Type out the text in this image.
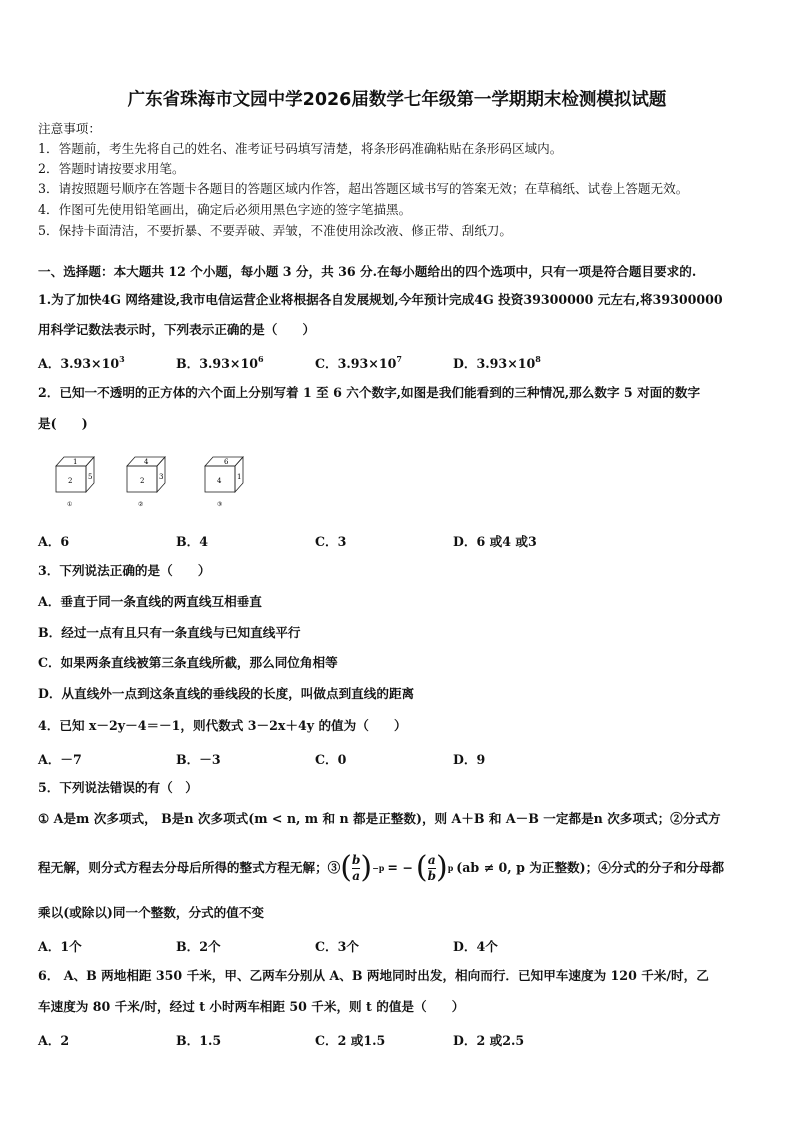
广东省珠海市文园中学2026届数学七年级第一学期期末检测模拟试题
注意事项：
1．答题前，考生先将自己的姓名、准考证号码填写清楚，将条形码准确粘贴在条形码区域内。
2．答题时请按要求用笔。
3．请按照题号顺序在答题卡各题目的答题区域内作答，超出答题区域书写的答案无效；在草稿纸、试卷上答题无效。
4．作图可先使用铅笔画出，确定后必须用黑色字迹的签字笔描黑。
5．保持卡面清洁，不要折暴、不要弄破、弄皱，不准使用涂改液、修正带、刮纸刀。
一、选择题：本大题共 12 个小题，每小题 3 分，共 36 分.在每小题给出的四个选项中，只有一项是符合题目要求的.
1.为了加快4G 网络建设,我市电信运营企业将根据各自发展规划,今年预计完成4G 投资39300000 元左右,将39300000
用科学记数法表示时，下列表示正确的是（　　）
A．$3.93\times 10^3$	B．$3.93\times 10^6$	C．$3.93\times 10^7$	D．$3.93\times 10^8$
2．已知一不透明的正方体的六个面上分别写着 1 至 6 六个数字,如图是我们能看到的三种情况,那么数字 5 对面的数字
是(　　)
1
2 5
①
4
2 3
②
6
4 1
③
A．6	B．4	C．3	D．6 或4 或3
3．下列说法正确的是（　　）
A．垂直于同一条直线的两直线互相垂直
B．经过一点有且只有一条直线与已知直线平行
C．如果两条直线被第三条直线所截，那么同位角相等
D．从直线外一点到这条直线的垂线段的长度，叫做点到直线的距离
4．已知 x－2y－4＝－1，则代数式 3－2x＋4y 的值为（　　）
A．－7	B．－3	C．0	D．9
5．下列说法错误的有（　）
① A是m 次多项式， B是n 次多项式(m < n, m 和 n 都是正整数)，则 A＋B 和 A－B 一定都是n 次多项式；②分式方
程无解，则分式方程去分母后所得的整式方程无解；③ ( $\frac{b}{a}$ ) −p = − ( $\frac{a}{b}$ ) p (ab ≠ 0, p 为正整数)；④分式的分子和分母都
乘以(或除以)同一个整数，分式的值不变
A．1个	B．2个	C．3个	D．4个
6． A、B 两地相距 350 千米，甲、乙两车分别从 A、B 两地同时出发，相向而行．已知甲车速度为 120 千米/时，乙
车速度为 80 千米/时，经过 t 小时两车相距 50 千米，则 t 的值是（　　）
A．2	B．1.5	C．2 或1.5	D．2 或2.5
